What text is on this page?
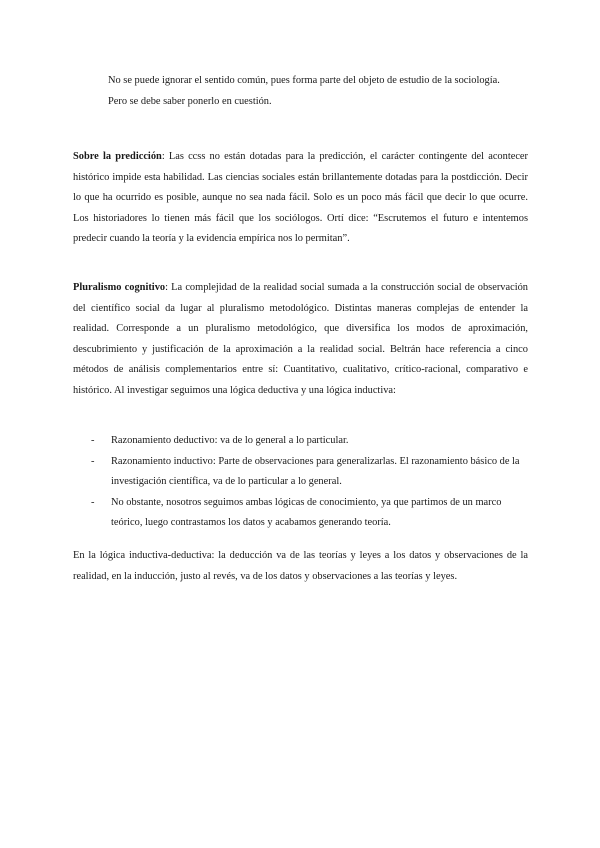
No se puede ignorar el sentido común, pues forma parte del objeto de estudio de la sociología.

Pero se debe saber ponerlo en cuestión.

Sobre la predicción: Las ccss no están dotadas para la predicción, el carácter contingente del acontecer histórico impide esta habilidad. Las ciencias sociales están brillantemente dotadas para la postdicción. Decir lo que ha ocurrido es posible, aunque no sea nada fácil. Solo es un poco más fácil que decir lo que ocurre. Los historiadores lo tienen más fácil que los sociólogos. Ortí dice: “Escrutemos el futuro e intentemos predecir cuando la teoría y la evidencia empírica nos lo permitan”.

Pluralismo cognitivo: La complejidad de la realidad social sumada a la construcción social de observación del científico social da lugar al pluralismo metodológico. Distintas maneras complejas de entender la realidad. Corresponde a un pluralismo metodológico, que diversifica los modos de aproximación, descubrimiento y justificación de la aproximación a la realidad social. Beltrán hace referencia a cinco métodos de análisis complementarios entre sí: Cuantitativo, cualitativo, crítico-racional, comparativo e histórico. Al investigar seguimos una lógica deductiva y una lógica inductiva:

- Razonamiento deductivo: va de lo general a lo particular.
- Razonamiento inductivo: Parte de observaciones para generalizarlas. El razonamiento básico de la investigación científica, va de lo particular a lo general.
- No obstante, nosotros seguimos ambas lógicas de conocimiento, ya que partimos de un marco teórico, luego contrastamos los datos y acabamos generando teoría.

En la lógica inductiva-deductiva: la deducción va de las teorías y leyes a los datos y observaciones de la realidad, en la inducción, justo al revés, va de los datos y observaciones a las teorías y leyes.
